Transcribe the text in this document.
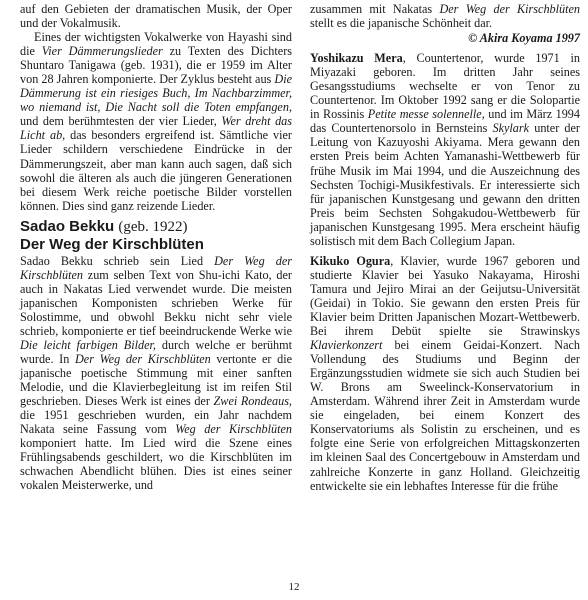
auf den Gebieten der dramatischen Musik, der Oper und der Vokalmusik.

Eines der wichtigsten Vokalwerke von Hayashi sind die Vier Dämmerungslieder zu Texten des Dichters Shuntaro Tanigawa (geb. 1931), die er 1959 im Alter von 28 Jahren komponierte. Der Zyklus besteht aus Die Dämmerung ist ein riesiges Buch, Im Nachbarzimmer, wo niemand ist, Die Nacht soll die Toten empfangen, und dem berühmtesten der vier Lieder, Wer dreht das Licht ab, das besonders ergreifend ist. Sämtliche vier Lieder schildern verschiedene Eindrücke in der Dämmerungszeit, aber man kann auch sagen, daß sich sowohl die älteren als auch die jüngeren Generationen bei diesem Werk reiche poetische Bilder vorstellen können. Dies sind ganz reizende Lieder.

Sadao Bekku (geb. 1922)
Der Weg der Kirschblüten

Sadao Bekku schrieb sein Lied Der Weg der Kirschblüten zum selben Text von Shu-ichi Kato, der auch in Nakatas Lied verwendet wurde. Die meisten japanischen Komponisten schrieben Werke für Solostimme, und obwohl Bekku nicht sehr viele schrieb, komponierte er tief beeindruckende Werke wie Die leicht farbigen Bilder, durch welche er berühmt wurde. In Der Weg der Kirschblüten vertonte er die japanische poetische Stimmung mit einer sanften Melodie, und die Klavierbegleitung ist im reifen Stil geschrieben. Dieses Werk ist eines der Zwei Rondeaus, die 1951 geschrieben wurden, ein Jahr nachdem Nakata seine Fassung vom Weg der Kirschblüten komponiert hatte. Im Lied wird die Szene eines Frühlingsabends geschildert, wo die Kirschblüten im schwachen Abendlicht blühen. Dies ist eines seiner vokalen Meisterwerke, und

zusammen mit Nakatas Der Weg der Kirschblüten stellt es die japanische Schönheit dar.

© Akira Koyama 1997

Yoshikazu Mera, Countertenor, wurde 1971 in Miyazaki geboren. Im dritten Jahr seines Gesangsstudiums wechselte er von Tenor zu Countertenor. Im Oktober 1992 sang er die Solopartie in Rossinis Petite messe solennelle, und im März 1994 das Countertenorsolo in Bernsteins Skylark unter der Leitung von Kazuyoshi Akiyama. Mera gewann den ersten Preis beim Achten Yamanashi-Wettbewerb für frühe Musik im Mai 1994, und die Auszeichnung des Sechsten Tochigi-Musikfestivals. Er interessierte sich für japanischen Kunstgesang und gewann den dritten Preis beim Sechsten Sohgakudou-Wettbewerb für japanischen Kunstgesang 1995. Mera erscheint häufig solistisch mit dem Bach Collegium Japan.

Kikuko Ogura, Klavier, wurde 1967 geboren und studierte Klavier bei Yasuko Nakayama, Hiroshi Tamura und Jejiro Mirai an der Geijutsu-Universität (Geidai) in Tokio. Sie gewann den ersten Preis für Klavier beim Dritten Japanischen Mozart-Wettbewerb. Bei ihrem Debüt spielte sie Strawinskys Klavierkonzert bei einem Geidai-Konzert. Nach Vollendung des Studiums und Beginn der Ergänzungsstudien widmete sie sich auch Studien bei W. Brons am Sweelinck-Konservatorium in Amsterdam. Während ihrer Zeit in Amsterdam wurde sie eingeladen, bei einem Konzert des Konservatoriums als Solistin zu erscheinen, und es folgte eine Serie von erfolgreichen Mittagskonzerten im kleinen Saal des Concertgebouw in Amsterdam und zahlreiche Konzerte in ganz Holland. Gleichzeitig entwickelte sie ein lebhaftes Interesse für die frühe

12
